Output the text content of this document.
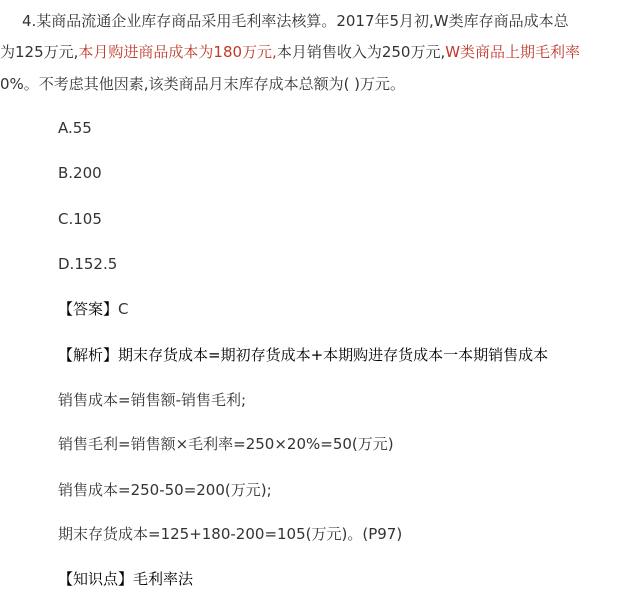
4.某商品流通企业库存商品采用毛利率法核算。2017年5月初,W类库存商品成本总
为125万元,本月购进商品成本为180万元,本月销售收入为250万元,W类商品上期毛利率
0%。不考虑其他因素,该类商品月末库存成本总额为( )万元。
A.55
B.200
C.105
D.152.5
【答案】C
【解析】期末存货成本=期初存货成本+本期购进存货成本一本期销售成本
销售成本=销售额-销售毛利;
销售毛利=销售额×毛利率=250×20%=50(万元)
销售成本=250-50=200(万元);
期末存货成本=125+180-200=105(万元)。(P97)
【知识点】毛利率法
